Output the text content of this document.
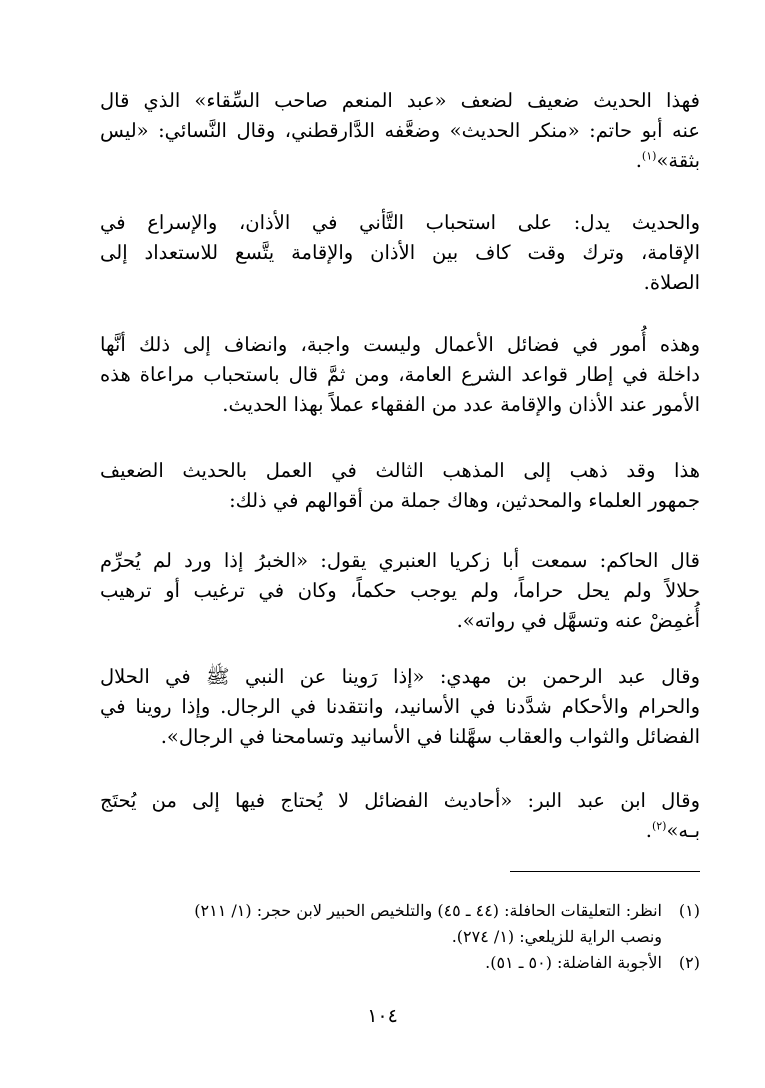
فهذا الحديث ضعيف لضعف «عبد المنعم صاحب السِّقاء» الذي قال
عنه أبو حاتم: «منكر الحديث» وضعَّفه الدَّارقطني، وقال النَّسائي: «ليس
بثقة»$^{(١)}$.
والحديث يدل: على استحباب التَّأني في الأذان، والإسراع في
الإقامة، وترك وقت كاف بين الأذان والإقامة يتَّسع للاستعداد إلى
الصلاة.
وهذه أُمور في فضائل الأعمال وليست واجبة، وانضاف إلى ذلك أنَّها
داخلة في إطار قواعد الشرع العامة، ومن ثمَّ قال باستحباب مراعاة هذه
الأمور عند الأذان والإقامة عدد من الفقهاء عملاً بهذا الحديث.
هذا وقد ذهب إلى المذهب الثالث في العمل بالحديث الضعيف
جمهور العلماء والمحدثين، وهاك جملة من أقوالهم في ذلك:
قال الحاكم: سمعت أبا زكريا العنبري يقول: «الخبرُ إذا ورد لم يُحرِّم
حلالاً ولم يحل حراماً، ولم يوجب حكماً، وكان في ترغيب أو ترهيب
أُغمِضْ عنه وتسهَّل في رواته».
وقال عبد الرحمن بن مهدي: «إذا رَوينا عن النبي ﷺ في الحلال
والحرام والأحكام شدَّدنا في الأسانيد، وانتقدنا في الرجال. وإذا روينا في
الفضائل والثواب والعقاب سهَّلنا في الأسانيد وتسامحنا في الرجال».
وقال ابن عبد البر: «أحاديث الفضائل لا يُحتاج فيها إلى من يُحتَج
بـه»$^{(٢)}$.
(١)انظر: التعليقات الحافلة: (٤٤ ـ ٤٥) والتلخيص الحبير لابن حجر: (١/ ٢١١)
ونصب الراية للزيلعي: (١/ ٢٧٤).
(٢)الأجوبة الفاضلة: (٥٠ ـ ٥١).
١٠٤
